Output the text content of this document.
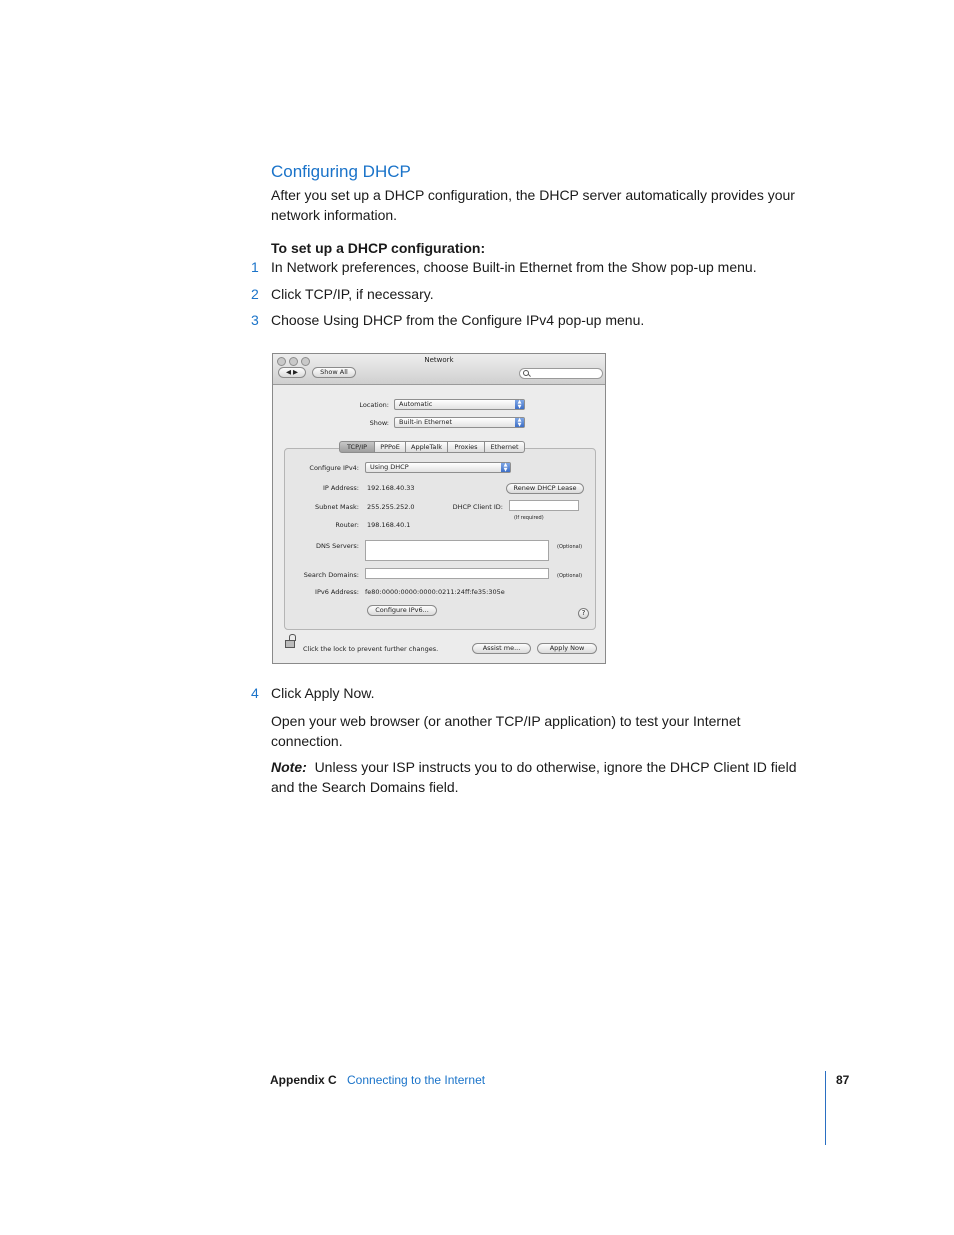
Configuring DHCP
After you set up a DHCP configuration, the DHCP server automatically provides your
network information.
To set up a DHCP configuration:
1 In Network preferences, choose Built-in Ethernet from the Show pop-up menu.
2 Click TCP/IP, if necessary.
3 Choose Using DHCP from the Configure IPv4 pop-up menu.
Network
◀ ▶	Show All
Location:	Automatic	▲
▼
Show:	Built-in Ethernet	▲
▼
TCP/IP	PPPoE	AppleTalk	Proxies	Ethernet
Configure IPv4:	Using DHCP	▲
▼
IP Address: 192.168.40.33	Renew DHCP Lease
Subnet Mask: 255.255.252.0	DHCP Client ID:
(If required)
Router: 198.168.40.1
DNS Servers:	(Optional)
Search Domains:	(Optional)
IPv6 Address: fe80:0000:0000:0000:0211:24ff:fe35:305e
Configure IPv6...	?
Click the lock to prevent further changes.	Assist me...	Apply Now
4 Click Apply Now.
Open your web browser (or another TCP/IP application) to test your Internet
connection.
Note: Unless your ISP instructs you to do otherwise, ignore the DHCP Client ID field
and the Search Domains field.
Appendix C Connecting to the Internet	87
